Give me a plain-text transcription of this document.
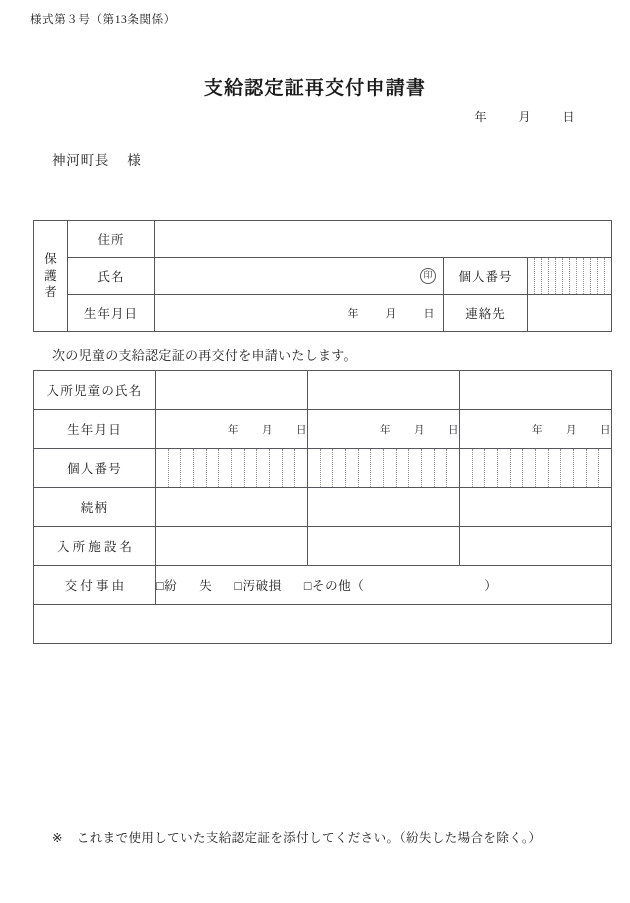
様式第３号（第13条関係）
支給認定証再交付申請書
年	月	日
神河町長 様
保
護
者	住所			
	氏名	印	個人番号	

	生年月日	年 月 日	連絡先	
次の児童の支給認定証の再交付を申請いたします。
入所児童の氏名			
生年月日	年 月 日	年 月 日	年 月 日
個人番号	

続柄			
入 所 施 設 名			
交 付 事 由	□紛 失 □汚破損 □その他（ ）		

※ これまで使用していた支給認定証を添付してください。（紛失した場合を除く。）
